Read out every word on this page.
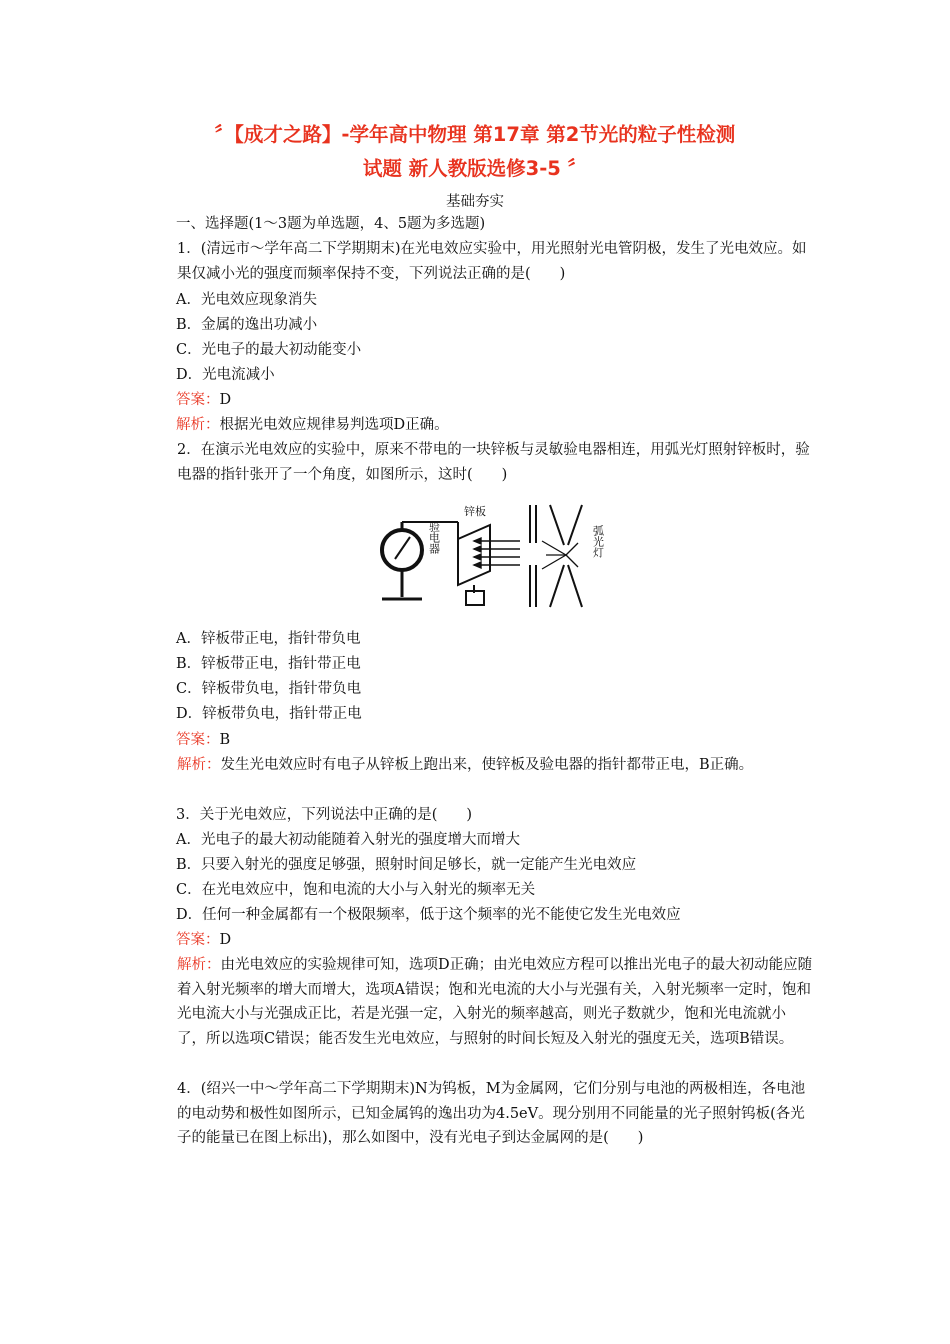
〞【成才之路】-学年高中物理 第17章 第2节光的粒子性检测
试题 新人教版选修3-5 〞
基础夯实
一、选择题(1～3题为单选题，4、5题为多选题)
1．(清远市～学年高二下学期期末)在光电效应实验中，用光照射光电管阴极，发生了光电效应。如果仅减小光的强度而频率保持不变，下列说法正确的是(　　)
A．光电效应现象消失
B．金属的逸出功减小
C．光电子的最大初动能变小
D．光电流减小
答案：D
解析：根据光电效应规律易判选项D正确。
2．在演示光电效应的实验中，原来不带电的一块锌板与灵敏验电器相连，用弧光灯照射锌板时，验电器的指针张开了一个角度，如图所示，这时(　　)
锌板
验电器	弧光灯
A．锌板带正电，指针带负电
B．锌板带正电，指针带正电
C．锌板带负电，指针带负电
D．锌板带负电，指针带正电
答案：B
解析：发生光电效应时有电子从锌板上跑出来，使锌板及验电器的指针都带正电，B正确。
3．关于光电效应，下列说法中正确的是(　　)
A．光电子的最大初动能随着入射光的强度增大而增大
B．只要入射光的强度足够强，照射时间足够长，就一定能产生光电效应
C．在光电效应中，饱和电流的大小与入射光的频率无关
D．任何一种金属都有一个极限频率，低于这个频率的光不能使它发生光电效应
答案：D
解析：由光电效应的实验规律可知，选项D正确；由光电效应方程可以推出光电子的最大初动能应随着入射光频率的增大而增大，选项A错误；饱和光电流的大小与光强有关，入射光频率一定时，饱和光电流大小与光强成正比，若是光强一定，入射光的频率越高，则光子数就少，饱和光电流就小了，所以选项C错误；能否发生光电效应，与照射的时间长短及入射光的强度无关，选项B错误。
4．(绍兴一中～学年高二下学期期末)N为钨板，M为金属网，它们分别与电池的两极相连，各电池的电动势和极性如图所示，已知金属钨的逸出功为4.5eV。现分别用不同能量的光子照射钨板(各光子的能量已在图上标出)，那么如图中，没有光电子到达金属网的是(　　)
